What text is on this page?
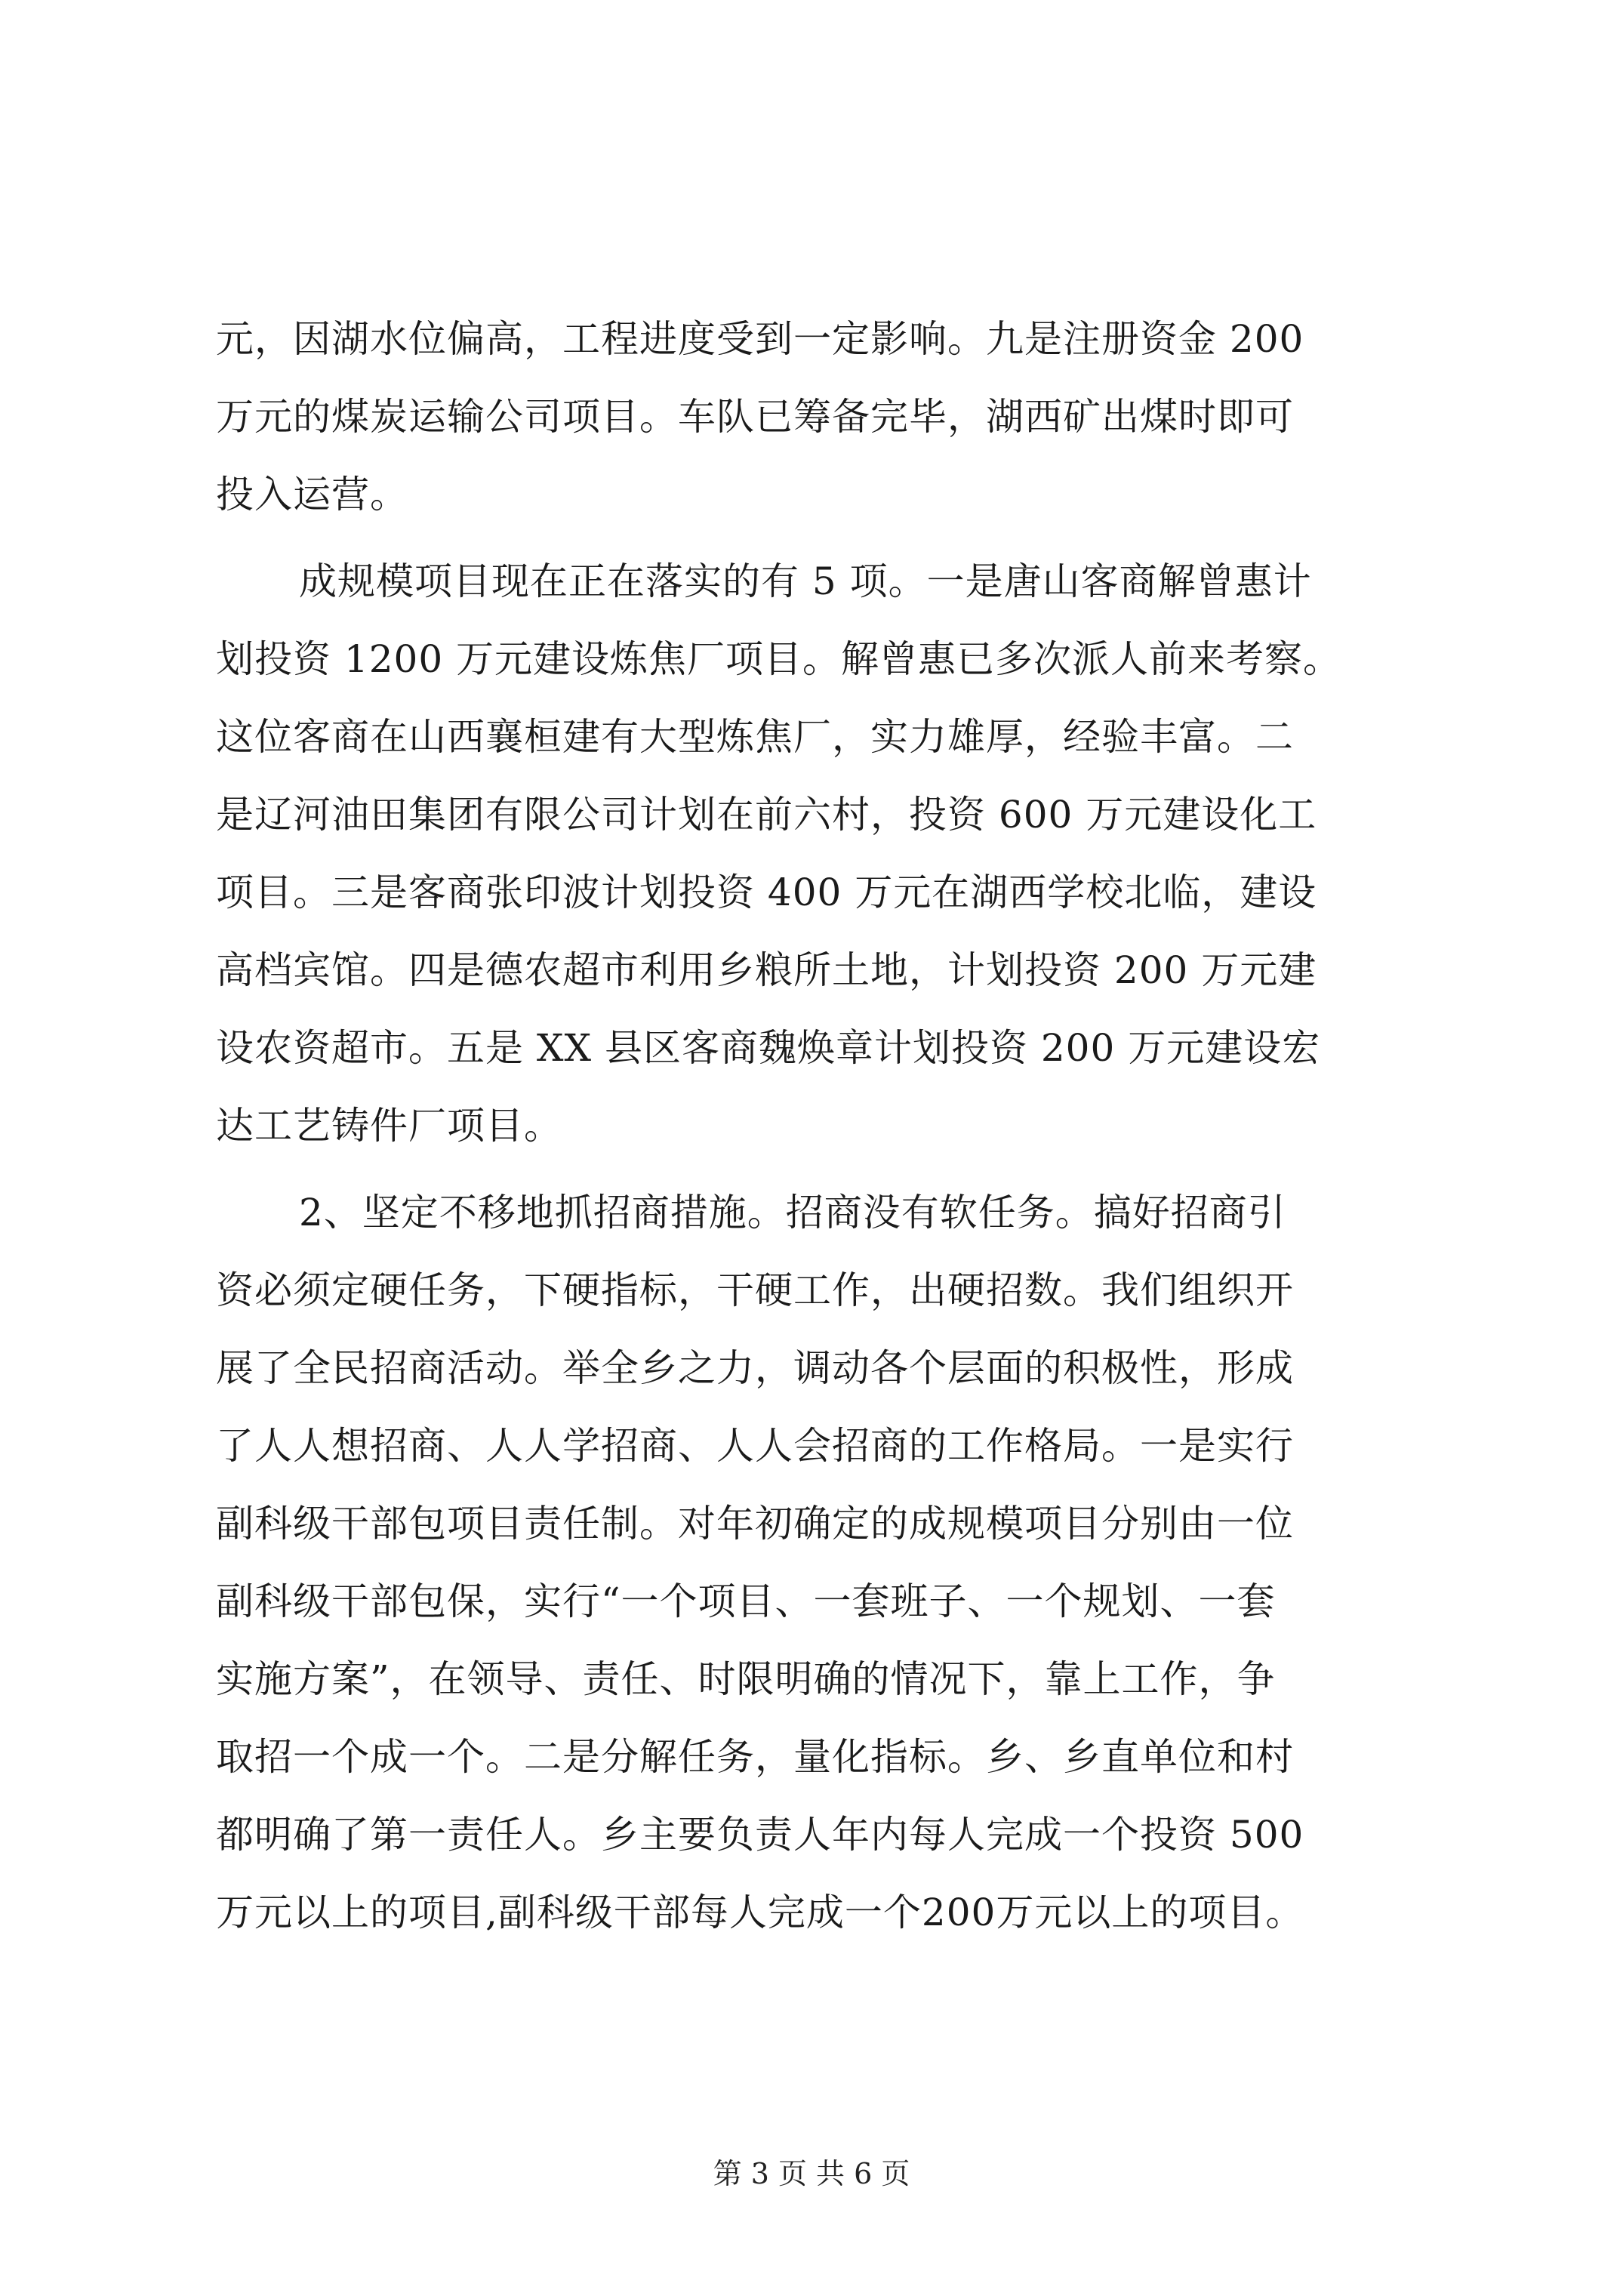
元，因湖水位偏高，工程进度受到一定影响。九是注册资金 200
万元的煤炭运输公司项目。车队已筹备完毕，湖西矿出煤时即可
投入运营。
成规模项目现在正在落实的有 5 项。一是唐山客商解曾惠计
划投资 1200 万元建设炼焦厂项目。解曾惠已多次派人前来考察。
这位客商在山西襄桓建有大型炼焦厂，实力雄厚，经验丰富。二
是辽河油田集团有限公司计划在前六村，投资 600 万元建设化工
项目。三是客商张印波计划投资 400 万元在湖西学校北临，建设
高档宾馆。四是德农超市利用乡粮所土地，计划投资 200 万元建
设农资超市。五是 XX 县区客商魏焕章计划投资 200 万元建设宏
达工艺铸件厂项目。
2、坚定不移地抓招商措施。招商没有软任务。搞好招商引
资必须定硬任务，下硬指标，干硬工作，出硬招数。我们组织开
展了全民招商活动。举全乡之力，调动各个层面的积极性，形成
了人人想招商、人人学招商、人人会招商的工作格局。一是实行
副科级干部包项目责任制。对年初确定的成规模项目分别由一位
副科级干部包保，实行“一个项目、一套班子、一个规划、一套
实施方案”，在领导、责任、时限明确的情况下，靠上工作，争
取招一个成一个。二是分解任务，量化指标。乡、乡直单位和村
都明确了第一责任人。乡主要负责人年内每人完成一个投资 500
万元以上的项目,副科级干部每人完成一个200万元以上的项目。
第 3 页 共 6 页
